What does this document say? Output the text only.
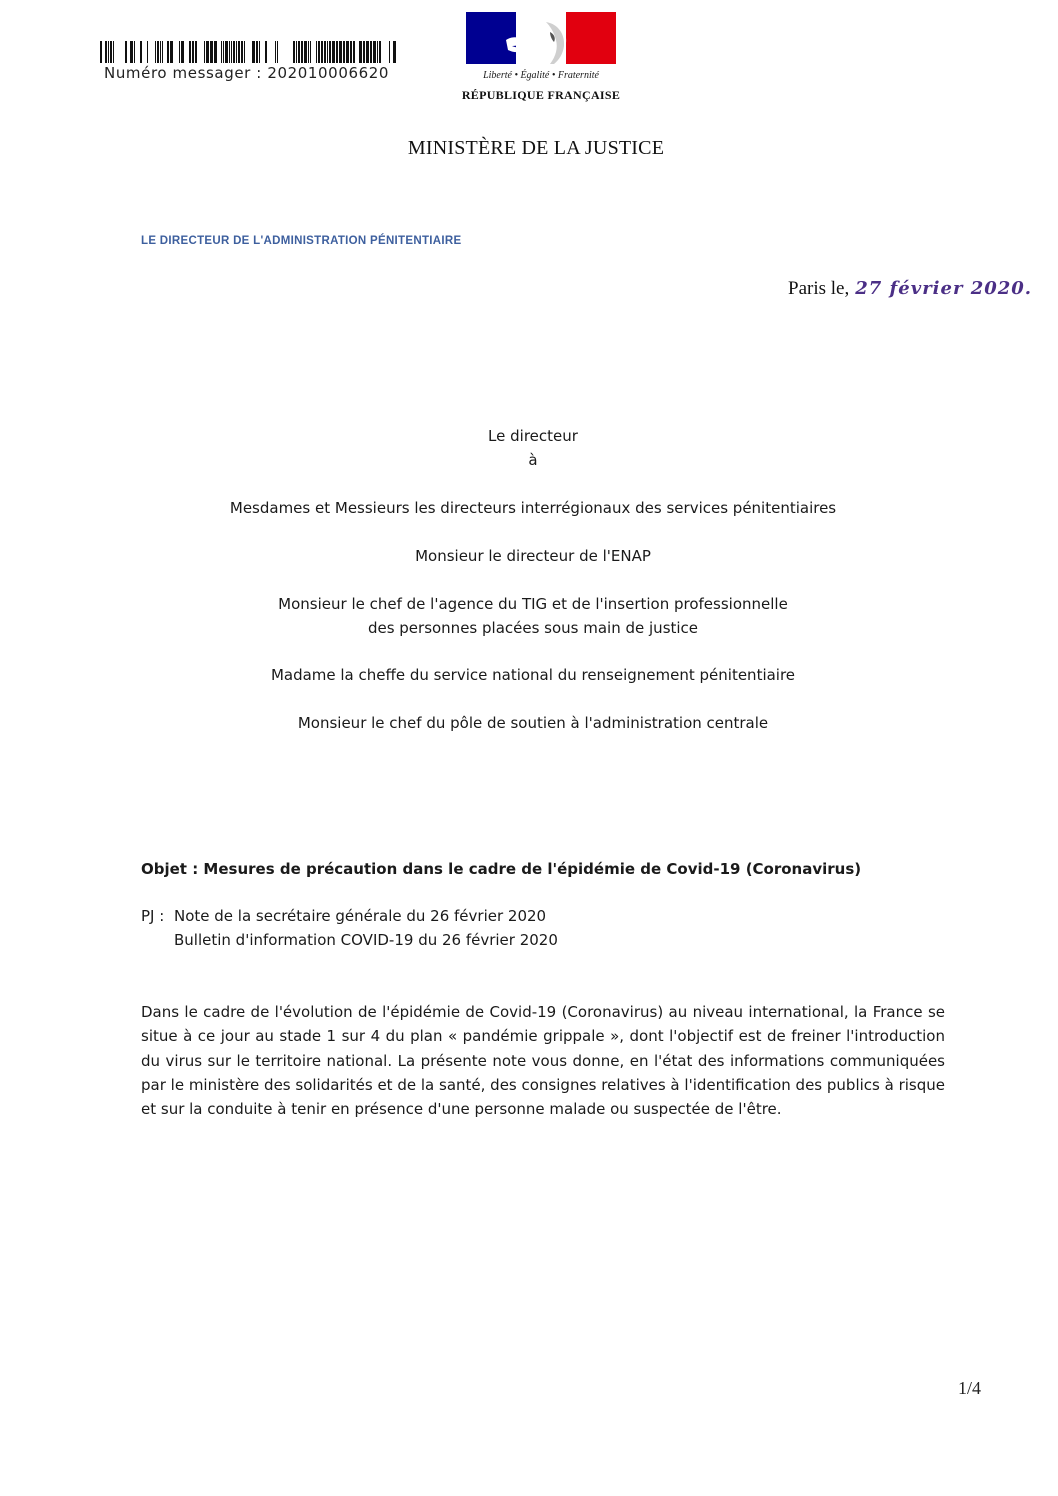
Numéro messager : 202010006620	Liberté • Égalité • Fraternité
RÉPUBLIQUE FRANÇAISE
MINISTÈRE DE LA JUSTICE
LE DIRECTEUR DE L'ADMINISTRATION PÉNITENTIAIRE
Paris le, 27 février 2020.
Le directeur
à
Mesdames et Messieurs les directeurs interrégionaux des services pénitentiaires
Monsieur le directeur de l'ENAP
Monsieur le chef de l'agence du TIG et de l'insertion professionnelle
des personnes placées sous main de justice
Madame la cheffe du service national du renseignement pénitentiaire
Monsieur le chef du pôle de soutien à l'administration centrale
Objet : Mesures de précaution dans le cadre de l'épidémie de Covid-19 (Coronavirus)
PJ : Note de la secrétaire générale du 26 février 2020
Bulletin d'information COVID-19 du 26 février 2020
Dans le cadre de l'évolution de l'épidémie de Covid-19 (Coronavirus) au niveau international, la France se situe à ce jour au stade 1 sur 4 du plan « pandémie grippale », dont l'objectif est de freiner l'introduction du virus sur le territoire national. La présente note vous donne, en l'état des informations communiquées par le ministère des solidarités et de la santé, des consignes relatives à l'identification des publics à risque et sur la conduite à tenir en présence d'une personne malade ou suspectée de l'être.
1/4
